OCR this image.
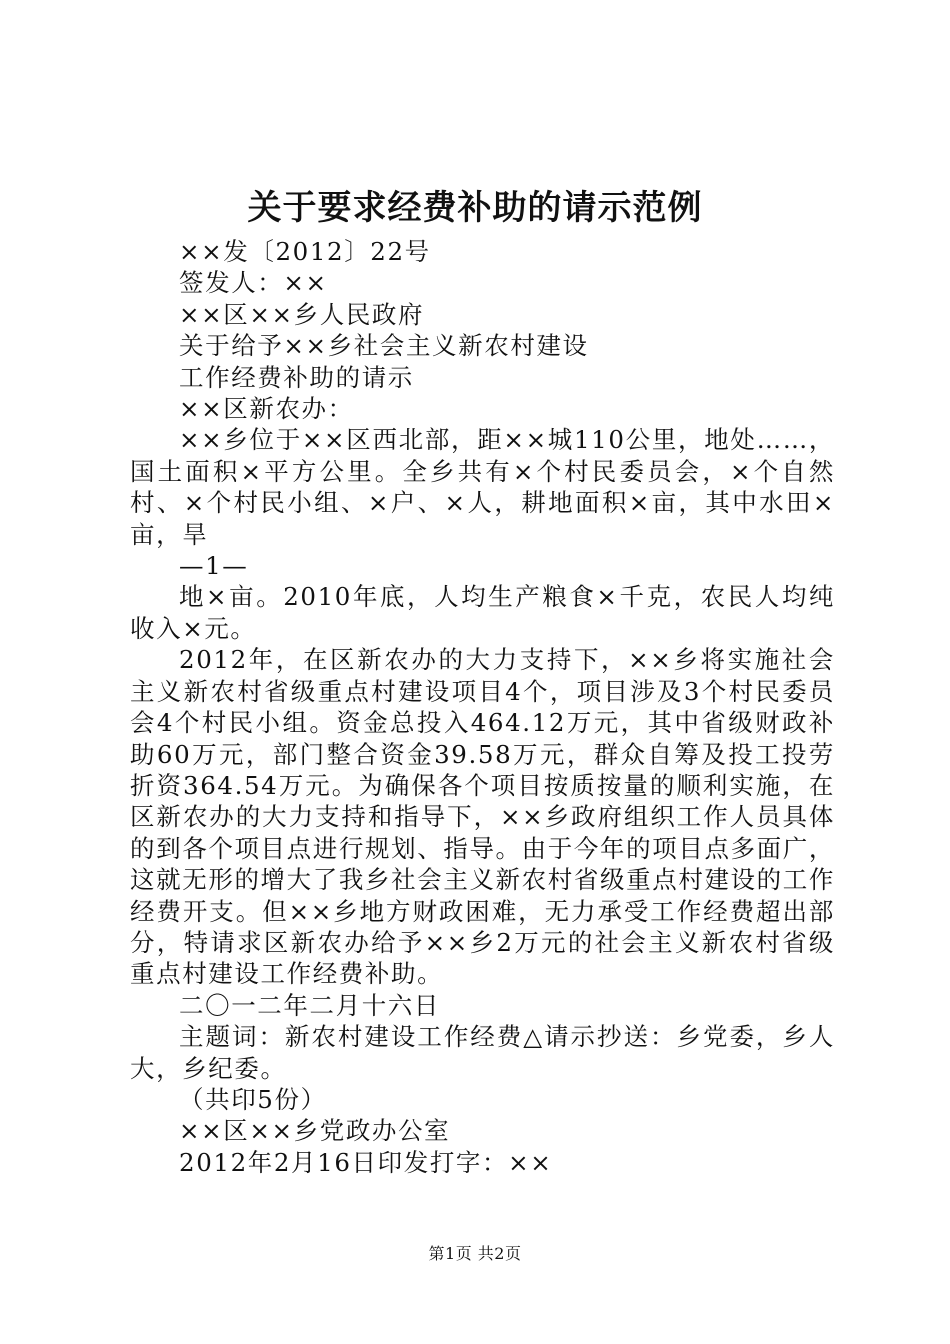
关于要求经费补助的请示范例

××发〔2012〕22号

签发人：××

××区××乡人民政府

关于给予××乡社会主义新农村建设

工作经费补助的请示

××区新农办：

××乡位于××区西北部，距××城110公里，地处……，国土面积×平方公里。全乡共有×个村民委员会，×个自然村、×个村民小组、×户、×人，耕地面积×亩，其中水田×亩，旱

—1—

地×亩。2010年底，人均生产粮食×千克，农民人均纯收入×元。

2012年，在区新农办的大力支持下，××乡将实施社会主义新农村省级重点村建设项目4个，项目涉及3个村民委员会4个村民小组。资金总投入464.12万元，其中省级财政补助60万元，部门整合资金39.58万元，群众自筹及投工投劳折资364.54万元。为确保各个项目按质按量的顺利实施，在区新农办的大力支持和指导下，××乡政府组织工作人员具体的到各个项目点进行规划、指导。由于今年的项目点多面广，这就无形的增大了我乡社会主义新农村省级重点村建设的工作经费开支。但××乡地方财政困难，无力承受工作经费超出部分，特请求区新农办给予××乡2万元的社会主义新农村省级重点村建设工作经费补助。

二〇一二年二月十六日

主题词：新农村建设工作经费△请示抄送：乡党委，乡人大，乡纪委。

（共印5份）

××区××乡党政办公室

2012年2月16日印发打字：××

第1页 共2页
